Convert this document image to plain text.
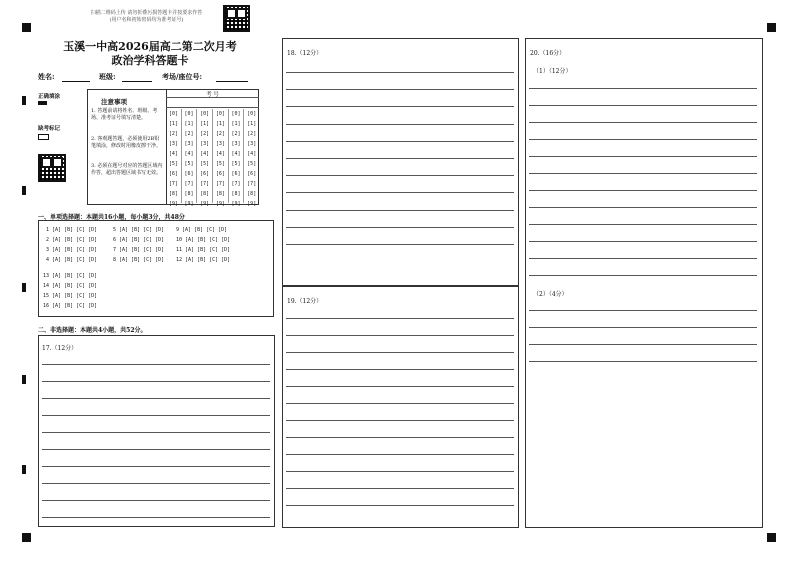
扫描二维码上传 请勿折叠污损答题卡并按要求作答
(用户名和初始密码均为准考证号)
玉溪一中高2026届高二第二次月考
政治学科答题卡
姓名:	班级:	考场/座位号:
正确填涂
缺考标记
注意事项
1. 答题前请将姓名、班级、考场、准考证号填写清楚。
2. 客观题答题，必须使用2B铅笔填涂，修改时用橡皮擦干净。
3. 必须在题号对应的答题区域内作答，超出答题区域书写无效。
考 号
[0]
[1]
[2]
[3]
[4]
[5]
[6]
[7]
[8]
[9]
[0]
[1]
[2]
[3]
[4]
[5]
[6]
[7]
[8]
[9]
[0]
[1]
[2]
[3]
[4]
[5]
[6]
[7]
[8]
[9]
[0]
[1]
[2]
[3]
[4]
[5]
[6]
[7]
[8]
[9]
[0]
[1]
[2]
[3]
[4]
[5]
[6]
[7]
[8]
[9]
[0]
[1]
[2]
[3]
[4]
[5]
[6]
[7]
[8]
[9]
一、单项选择题：本题共16小题，每小题3分，共48分
1 [A] [B] [C] [D]
2 [A] [B] [C] [D]
3 [A] [B] [C] [D]
4 [A] [B] [C] [D]
5 [A] [B] [C] [D]
6 [A] [B] [C] [D]
7 [A] [B] [C] [D]
8 [A] [B] [C] [D]
9 [A] [B] [C] [D]
10 [A] [B] [C] [D]
11 [A] [B] [C] [D]
12 [A] [B] [C] [D]
13 [A] [B] [C] [D]
14 [A] [B] [C] [D]
15 [A] [B] [C] [D]
16 [A] [B] [C] [D]
二、非选择题：本题共4小题，共52分。
17.（12分）
18.（12分）
19.（12分）
20.（16分）
（1）（12分）
（2）（4分）
